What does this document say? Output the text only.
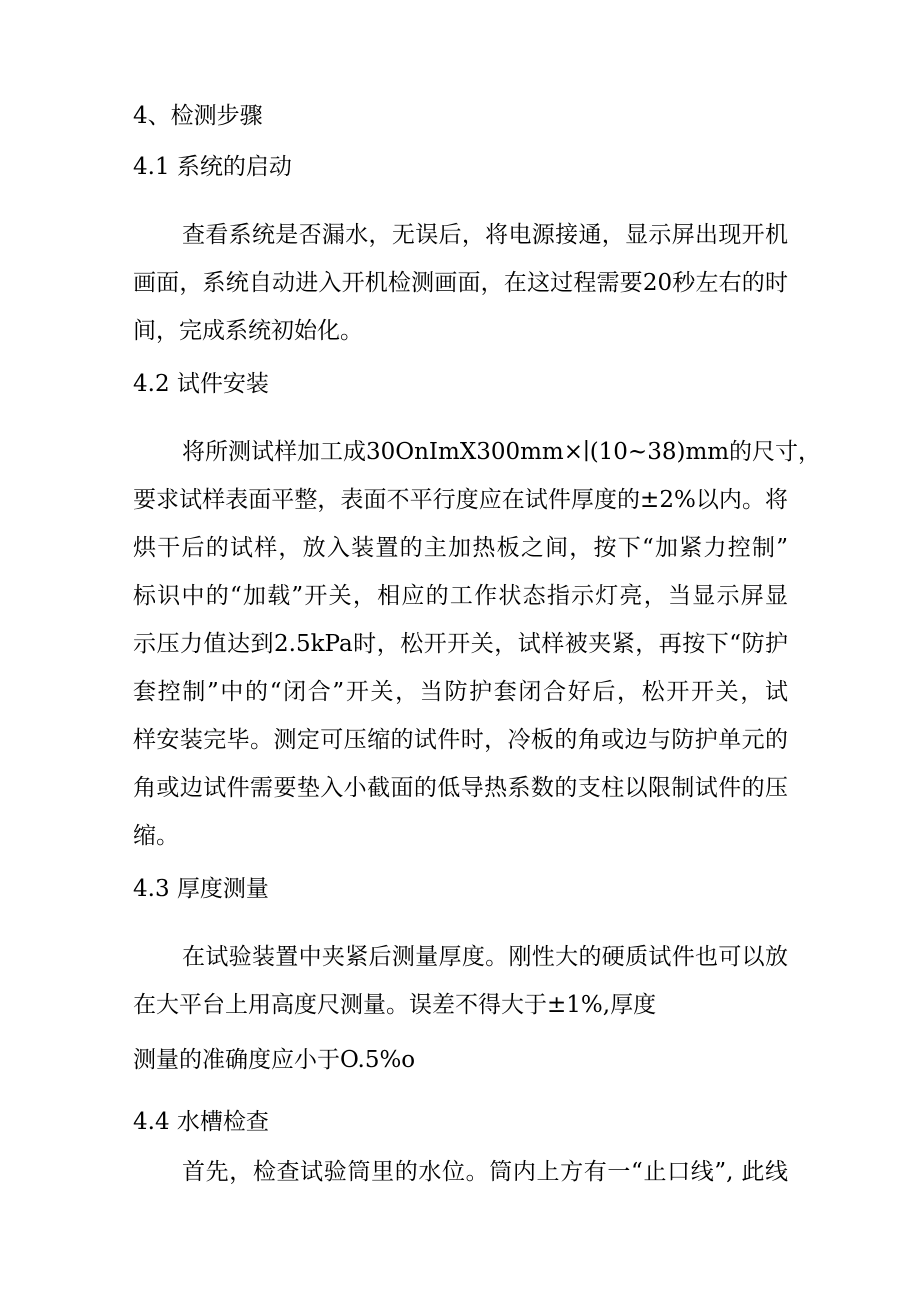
4、检测步骤

4.1 系统的启动

查看系统是否漏水，无误后，将电源接通，显示屏出现开机

画面，系统自动进入开机检测画面，在这过程需要20秒左右的时

间，完成系统初始化。

4.2 试件安装

将所测试样加工成30OnImX300mm×∣(10~38)mm的尺寸，

要求试样表面平整，表面不平行度应在试件厚度的±2%以内。将

烘干后的试样，放入装置的主加热板之间，按下“加紧力控制”

标识中的“加载”开关，相应的工作状态指示灯亮，当显示屏显

示压力值达到2.5kPa时，松开开关，试样被夹紧，再按下“防护

套控制”中的“闭合”开关，当防护套闭合好后，松开开关，试

样安装完毕。测定可压缩的试件时，冷板的角或边与防护单元的

角或边试件需要垫入小截面的低导热系数的支柱以限制试件的压

缩。

4.3 厚度测量

在试验装置中夹紧后测量厚度。刚性大的硬质试件也可以放

在大平台上用高度尺测量。误差不得大于±1%,厚度

测量的准确度应小于O.5%o

4.4 水槽检查

首先，检查试验筒里的水位。筒内上方有一“止口线”, 此线
